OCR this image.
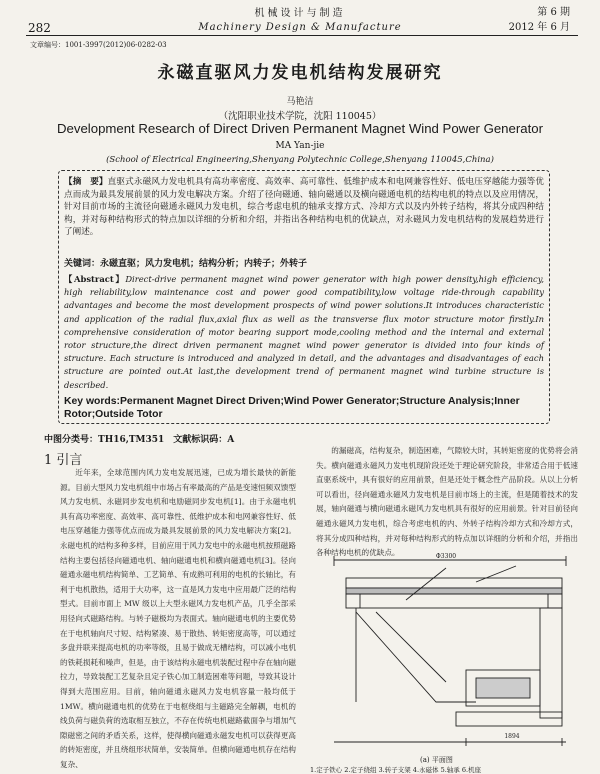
机械设计与制造
282	Machinery Design & Manufacture
第 6 期
2012 年 6 月
文章编号：1001-3997(2012)06-0282-03
永磁直驱风力发电机结构发展研究
马艳洁
（沈阳职业技术学院，沈阳 110045）
Development Research of Direct Driven Permanent Magnet Wind Power Generator
MA Yan-jie
(School of Electrical Engineering,Shenyang Polytechnic College,Shenyang 110045,China)
【摘　要】直驱式永磁风力发电机具有高功率密度、高效率、高可靠性、低维护成本和电网兼容性好、低电压穿越能力强等优点而成为最具发展前景的风力发电解决方案。介绍了径向磁通、轴向磁通以及横向磁通电机的结构电机的特点以及应用情况，针对目前市场的主流径向磁通永磁风力发电机，综合考虑电机的轴承支撑方式、冷却方式以及内外转子结构，将其分成四种结构，并对每种结构形式的特点加以详细的分析和介绍，并指出各种结构电机的优缺点，对永磁风力发电机结构的发展趋势进行了阐述。
关键词：永磁直驱；风力发电机；结构分析；内转子；外转子
【Abstract】Direct-drive permanent magnet wind power generator with high power density,high efficiency, high reliability,low maintenance cost and power good compatibility,low voltage ride-through capability advantages and become the most development prospects of wind power solutions.It introduces characteristic and application of the radial flux,axial flux as well as the transverse flux motor structure motor firstly.In comprehensive consideration of motor bearing support mode,cooling method and the internal and external rotor structure,the direct driven permanent magnet wind power generator is divided into four kinds of structure. Each structure is introduced and analyzed in detail, and the advantages and disadvantages of each structure are pointed out.At last,the development trend of permanent magnet wind turbine structure is described.
Key words:Permanent Magnet Direct Driven;Wind Power Generator;Structure Analysis;Inner Rotor;Outside Totor
中图分类号：TH16,TM351　文献标识码：A
1 引言
近年来，全球范围内风力发电发展迅速，已成为增长最快的新能源。目前大型风力发电机组中市场占有率最高的产品是变速恒频双馈型风力发电机、永磁同步发电机和电励磁同步发电机[1]。由于永磁电机具有高功率密度、高效率、高可靠性、低维护成本和电网兼容性好、低电压穿越能力强等优点而成为最具发展前景的风力发电解决方案[2]。永磁电机的结构多种多样，目前应用于风力发电中的永磁电机按照磁路结构主要包括径向磁通电机、轴向磁通电机和横向磁通电机[3]。径向磁通永磁电机结构简单、工艺简单、有成熟可利用的电机的长轴比，有利于电机散热，适用于大功率，这一直是风力发电中应用最广泛的结构型式。目前市面上 MW 级以上大型永磁风力发电机产品，几乎全部采用径向式磁路结构。与转子磁极均为表面式。轴向磁通电机的主要优势在于电机轴向尺寸短、结构紧凑、易于散热、转矩密度高等，可以通过多盘并联来提高电机的功率等级，且易于做成无槽结构，可以减小电机的铁耗损耗和噪声，但是，由于该结构永磁电机装配过程中存在轴向磁拉力，导致装配工艺复杂且定子铁心加工制造困难等问题，导致其设计得到大范围应用。目前，轴向磁通永磁风力发电机容量一般均低于 1MW。横向磁通电机的优势在于电枢绕组与主磁路完全解耦，电机的线负荷与磁负荷的选取相互独立，不存在传统电机磁路截面争与增加气隙磁密之间的矛盾关系，这样，使得横向磁通永磁发电机可以获得更高的转矩密度，并且绕组形状简单，安装简单。但横向磁通电机存在结构复杂、
的漏磁高，结构复杂，制造困难，气隙较大时，其转矩密度的优势将会消失。横向磁通永磁风力发电机现阶段还处于理论研究阶段，非常适合用于低速直驱系统中，具有很好的应用前景，但是还处于概念性产品阶段。从以上分析可以看出，径向磁通永磁风力发电机是目前市场上的主流，但是随着技术的发展，轴向磁通与横向磁通永磁风力发电机具有很好的应用前景。针对目前径向磁通永磁风力发电机，综合考虑电机的内、外转子结构冷却方式和冷却方式，将其分成四种结构，并对每种结构形式的特点加以详细的分析和介绍，并指出各种结构电机的优缺点。	Φ3300
1894
(a) 平面图
1.定子铁心 2.定子绕组 3.转子支架 4.永磁体 5.轴承 6.机座
